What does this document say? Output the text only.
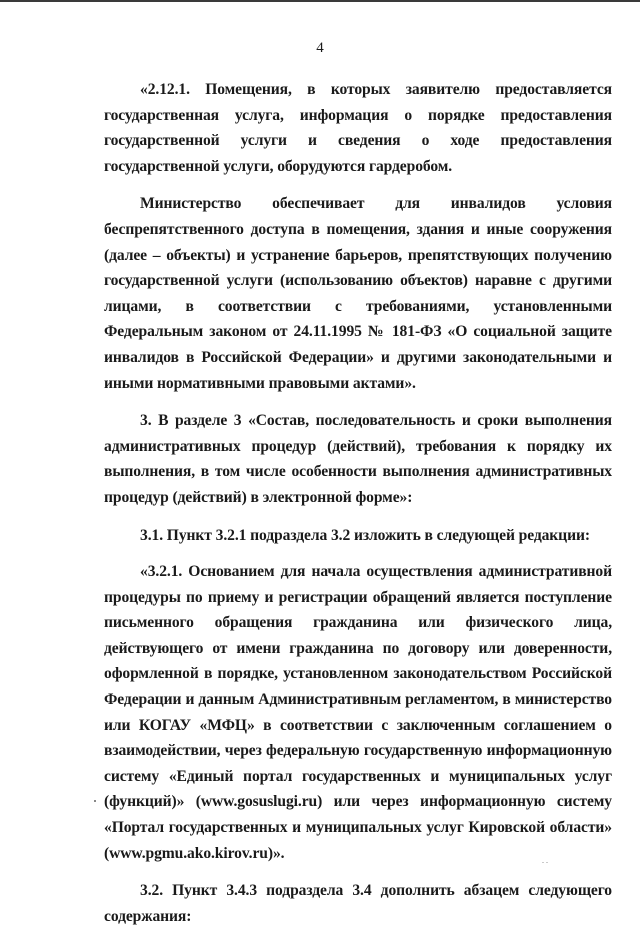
4

«2.12.1. Помещения, в которых заявителю предоставляется государственная услуга, информация о порядке предоставления государственной услуги и сведения о ходе предоставления государственной услуги, оборудуются гардеробом.

Министерство обеспечивает для инвалидов условия беспрепятственного доступа в помещения, здания и иные сооружения (далее – объекты) и устранение барьеров, препятствующих получению государственной услуги (использованию объектов) наравне с другими лицами, в соответствии с требованиями, установленными Федеральным законом от 24.11.1995 № 181-ФЗ «О социальной защите инвалидов в Российской Федерации» и другими законодательными и иными нормативными правовыми актами».

3. В разделе 3 «Состав, последовательность и сроки выполнения административных процедур (действий), требования к порядку их выполнения, в том числе особенности выполнения административных процедур (действий) в электронной форме»:

3.1. Пункт 3.2.1 подраздела 3.2 изложить в следующей редакции:

«3.2.1. Основанием для начала осуществления административной процедуры по приему и регистрации обращений является поступление письменного обращения гражданина или физического лица, действующего от имени гражданина по договору или доверенности, оформленной в порядке, установленном законодательством Российской Федерации и данным Административным регламентом, в министерство или КОГАУ «МФЦ» в соответствии с заключенным соглашением о взаимодействии, через федеральную государственную информационную систему «Единый портал государственных и муниципальных услуг (функций)» (www.gosuslugi.ru) или через информационную систему «Портал государственных и муниципальных услуг Кировской области» (www.pgmu.ako.kirov.ru)».

3.2. Пункт 3.4.3 подраздела 3.4 дополнить абзацем следующего содержания:

. .
